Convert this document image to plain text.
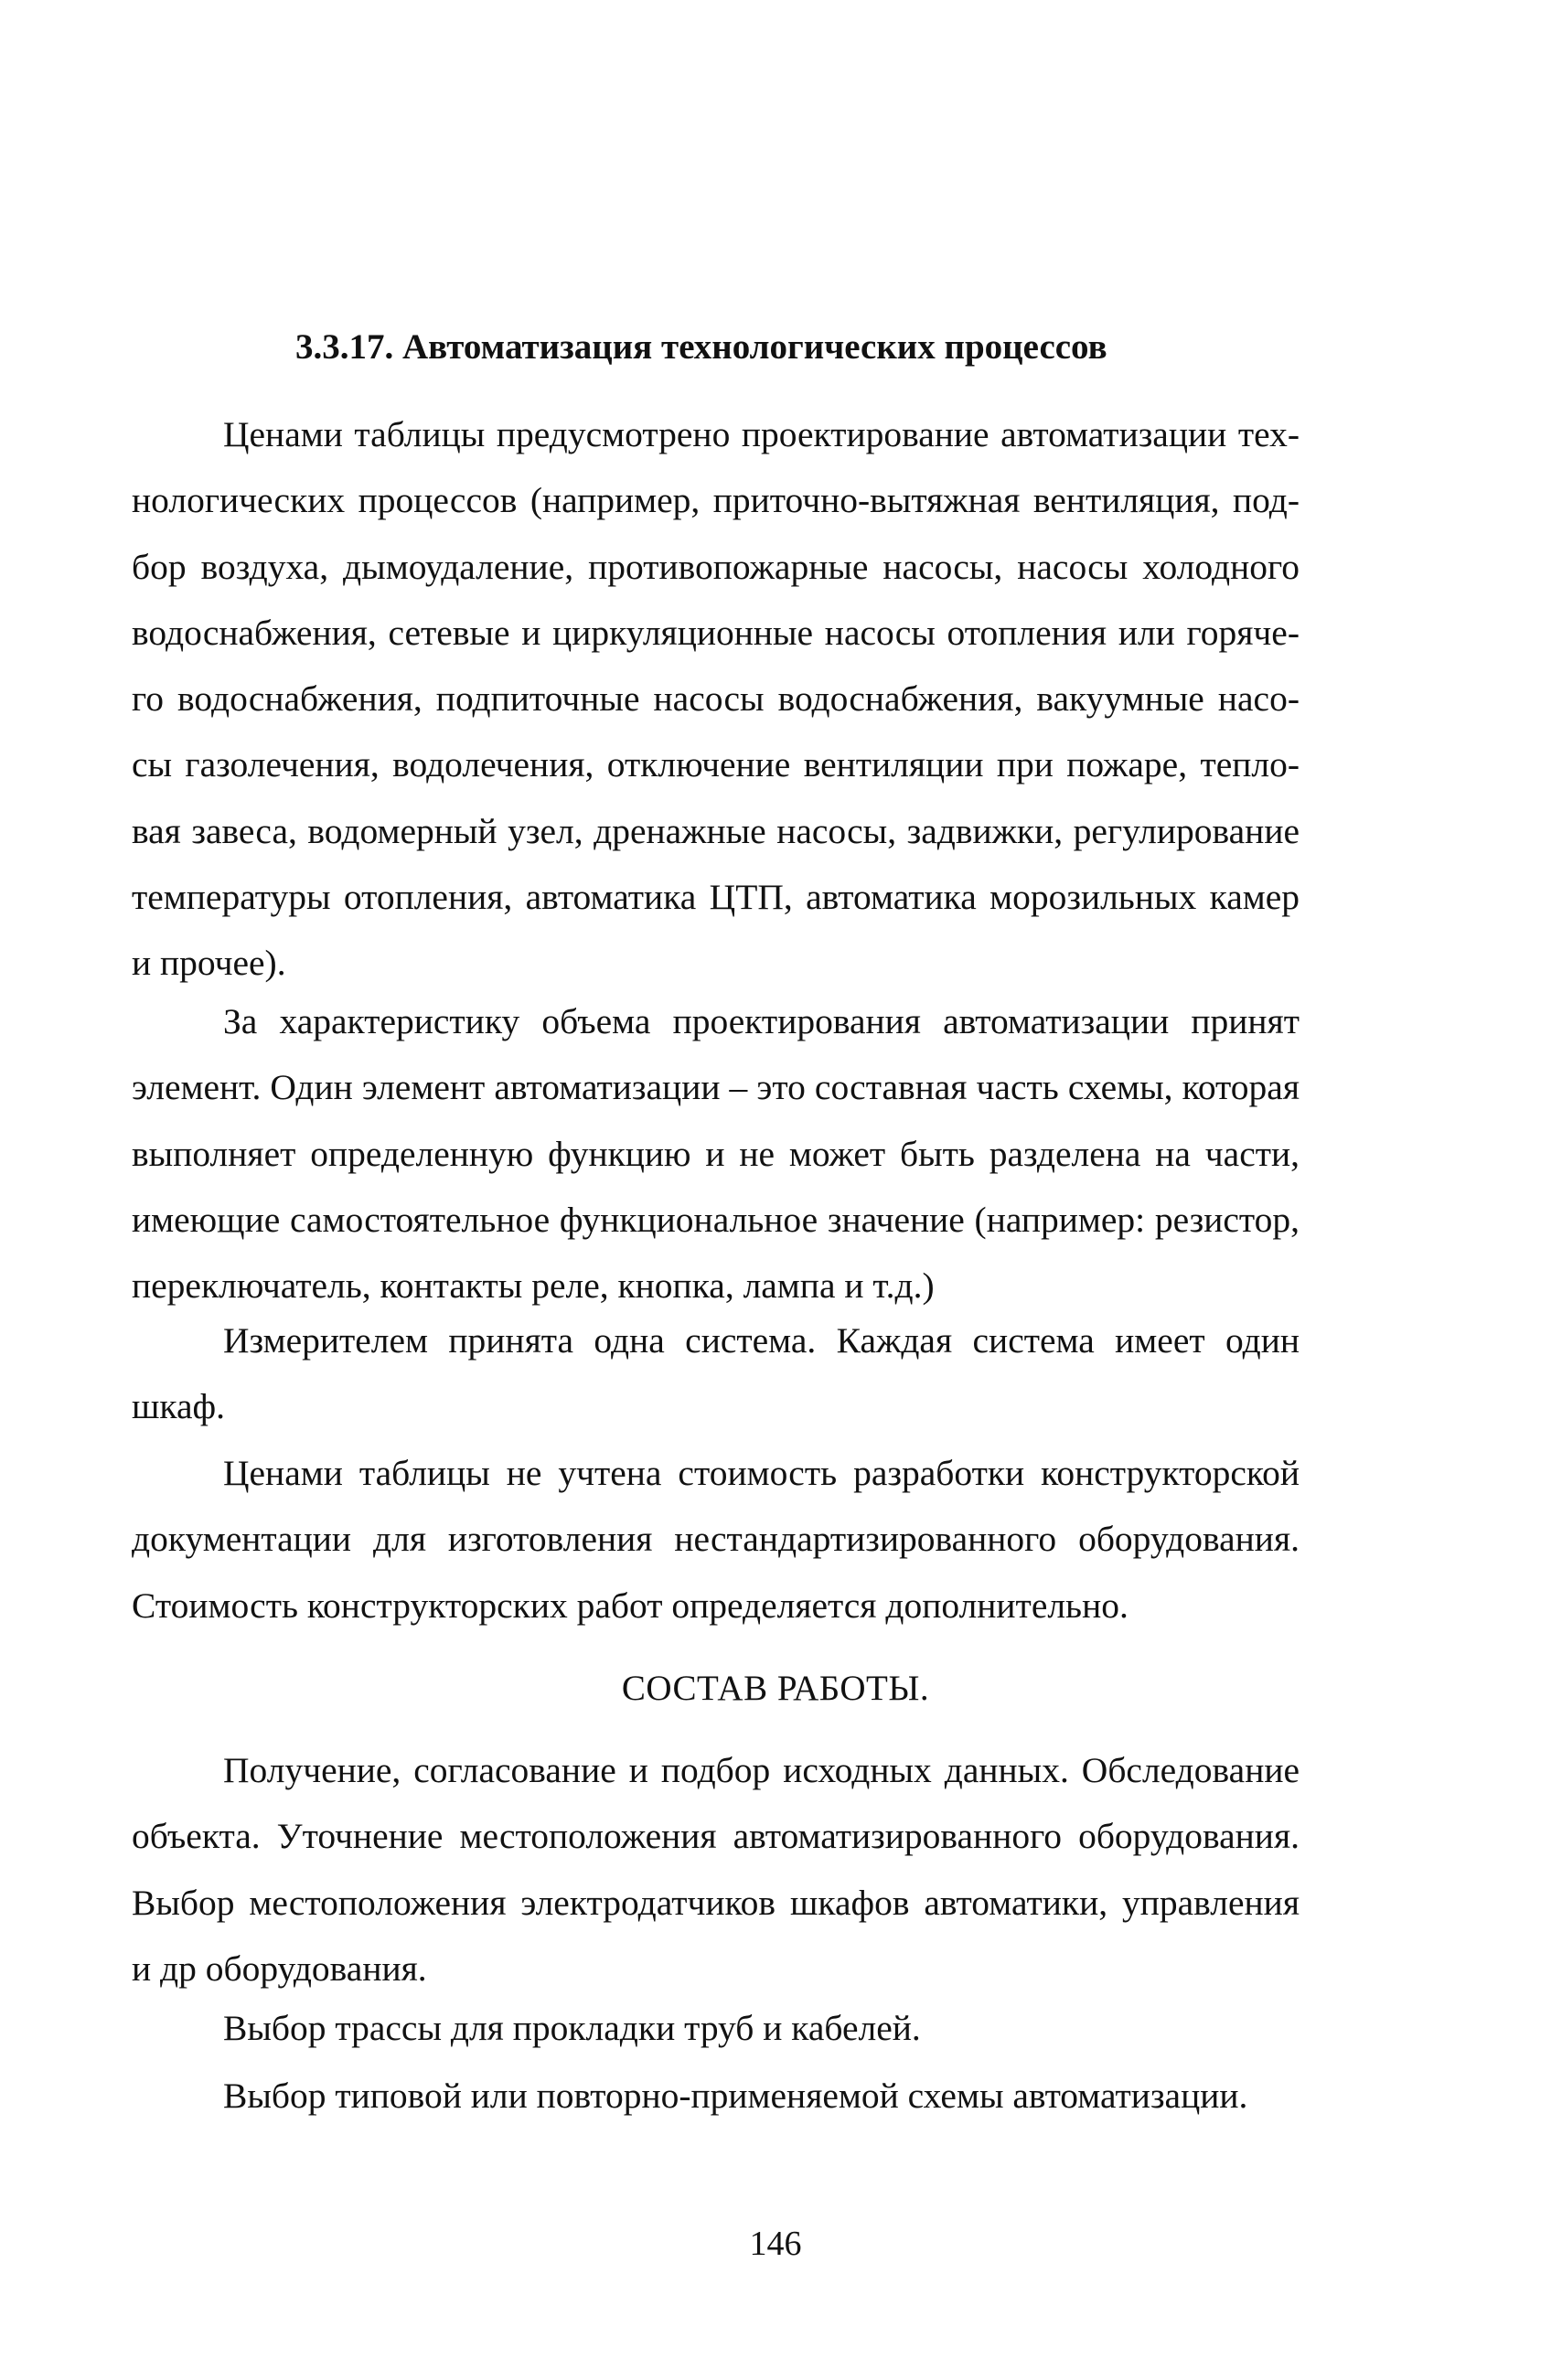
3.3.17. Автоматизация технологических процессов

Ценами таблицы предусмотрено проектирование автоматизации технологических процессов (например, приточно-вытяжная вентиляция, подбор воздуха, дымоудаление, противопожарные насосы, насосы холодного водоснабжения, сетевые и циркуляционные насосы отопления или горячего водоснабжения, подпиточные насосы водоснабжения, вакуумные насосы газолечения, водолечения, отключение вентиляции при пожаре, тепловая завеса, водомерный узел, дренажные насосы, задвижки, регулирование температуры отопления, автоматика ЦТП, автоматика морозильных камер и прочее).

За характеристику объема проектирования автоматизации принят элемент. Один элемент автоматизации – это составная часть схемы, которая выполняет определенную функцию и не может быть разделена на части, имеющие самостоятельное функциональное значение (например: резистор, переключатель, контакты реле, кнопка, лампа и т.д.)

Измерителем принята одна система. Каждая система имеет один шкаф.

Ценами таблицы не учтена стоимость разработки конструкторской документации для изготовления нестандартизированного оборудования. Стоимость конструкторских работ определяется дополнительно.

СОСТАВ РАБОТЫ.

Получение, согласование и подбор исходных данных. Обследование объекта. Уточнение местоположения автоматизированного оборудования. Выбор местоположения электродатчиков шкафов автоматики, управления и др оборудования.

Выбор трассы для прокладки труб и кабелей.
Выбор типовой или повторно-применяемой схемы автоматизации.
146
